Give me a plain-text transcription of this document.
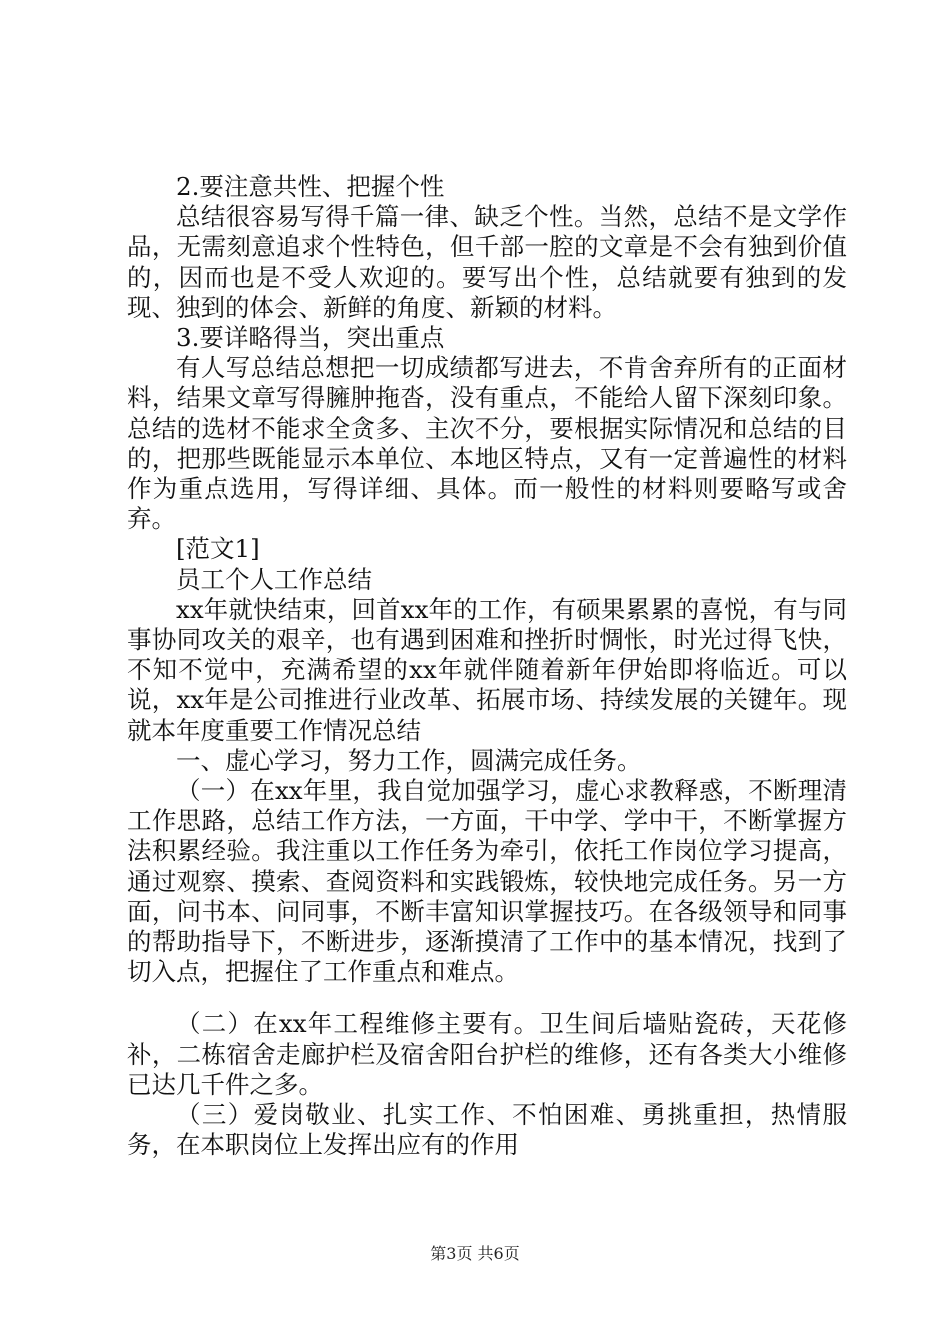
2.要注意共性、把握个性

总结很容易写得千篇一律、缺乏个性。当然，总结不是文学作品，无需刻意追求个性特色，但千部一腔的文章是不会有独到价值的，因而也是不受人欢迎的。要写出个性，总结就要有独到的发现、独到的体会、新鲜的角度、新颖的材料。

3.要详略得当，突出重点

有人写总结总想把一切成绩都写进去，不肯舍弃所有的正面材料，结果文章写得臃肿拖沓，没有重点，不能给人留下深刻印象。总结的选材不能求全贪多、主次不分，要根据实际情况和总结的目的，把那些既能显示本单位、本地区特点，又有一定普遍性的材料作为重点选用，写得详细、具体。而一般性的材料则要略写或舍弃。

[范文1]

员工个人工作总结

xx年就快结束，回首xx年的工作，有硕果累累的喜悦，有与同事协同攻关的艰辛，也有遇到困难和挫折时惆怅，时光过得飞快，不知不觉中，充满希望的xx年就伴随着新年伊始即将临近。可以说，xx年是公司推进行业改革、拓展市场、持续发展的关键年。现就本年度重要工作情况总结

一、虚心学习，努力工作，圆满完成任务。

（一）在xx年里，我自觉加强学习，虚心求教释惑，不断理清工作思路，总结工作方法，一方面，干中学、学中干，不断掌握方法积累经验。我注重以工作任务为牵引，依托工作岗位学习提高，通过观察、摸索、查阅资料和实践锻炼，较快地完成任务。另一方面，问书本、问同事，不断丰富知识掌握技巧。在各级领导和同事的帮助指导下，不断进步，逐渐摸清了工作中的基本情况，找到了切入点，把握住了工作重点和难点。

（二）在xx年工程维修主要有。卫生间后墙贴瓷砖，天花修补，二栋宿舍走廊护栏及宿舍阳台护栏的维修，还有各类大小维修已达几千件之多。

（三）爱岗敬业、扎实工作、不怕困难、勇挑重担，热情服务，在本职岗位上发挥出应有的作用

第3页 共6页
